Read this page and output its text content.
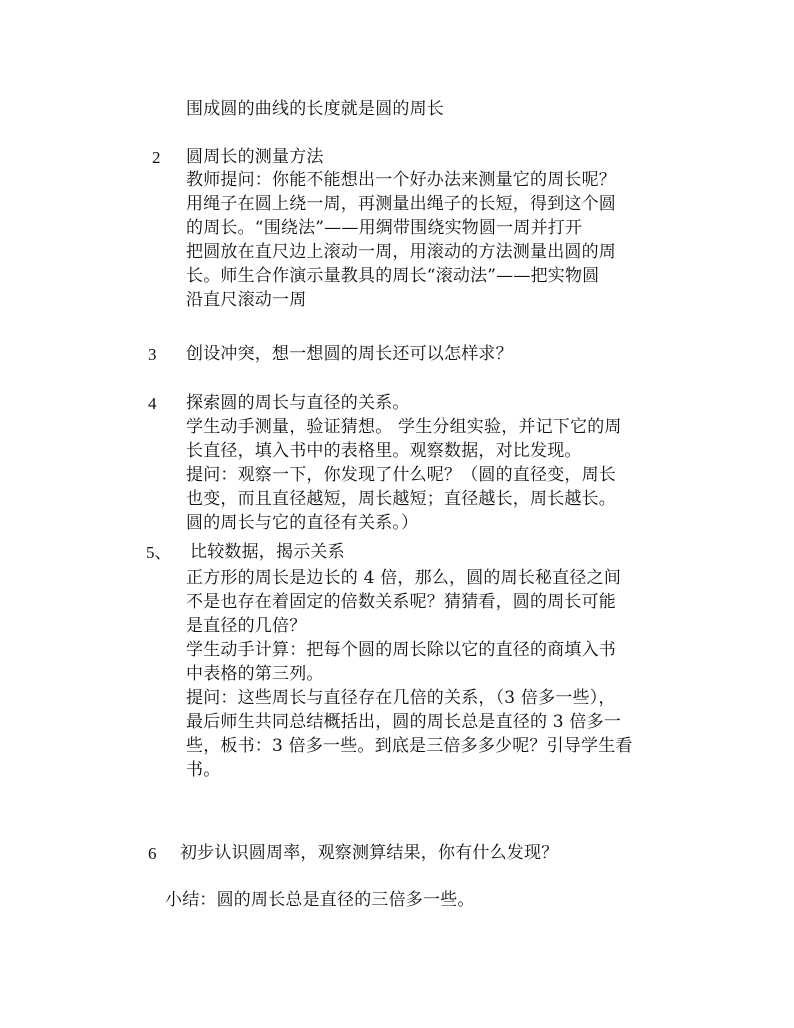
围成圆的曲线的长度就是圆的周长
2 圆周长的测量方法
教师提问：你能不能想出一个好办法来测量它的周长呢？
用绳子在圆上绕一周，再测量出绳子的长短，得到这个圆
的周长。“围绕法”——用绸带围绕实物圆一周并打开
把圆放在直尺边上滚动一周，用滚动的方法测量出圆的周
长。师生合作演示量教具的周长“滚动法”——把实物圆
沿直尺滚动一周
3 创设冲突，想一想圆的周长还可以怎样求？
4 探索圆的周长与直径的关系。
学生动手测量，验证猜想。 学生分组实验，并记下它的周
长直径，填入书中的表格里。观察数据，对比发现。
提问：观察一下，你发现了什么呢？（圆的直径变，周长
也变，而且直径越短，周长越短；直径越长，周长越长。
圆的周长与它的直径有关系。）
5、 比较数据，揭示关系
正方形的周长是边长的 4 倍，那么，圆的周长秘直径之间
不是也存在着固定的倍数关系呢？猜猜看，圆的周长可能
是直径的几倍？
学生动手计算：把每个圆的周长除以它的直径的商填入书
中表格的第三列。
提问：这些周长与直径存在几倍的关系，（3 倍多一些），
最后师生共同总结概括出，圆的周长总是直径的 3 倍多一
些，板书：3 倍多一些。到底是三倍多多少呢？引导学生看
书。
6 初步认识圆周率，观察测算结果，你有什么发现？
小结：圆的周长总是直径的三倍多一些。
